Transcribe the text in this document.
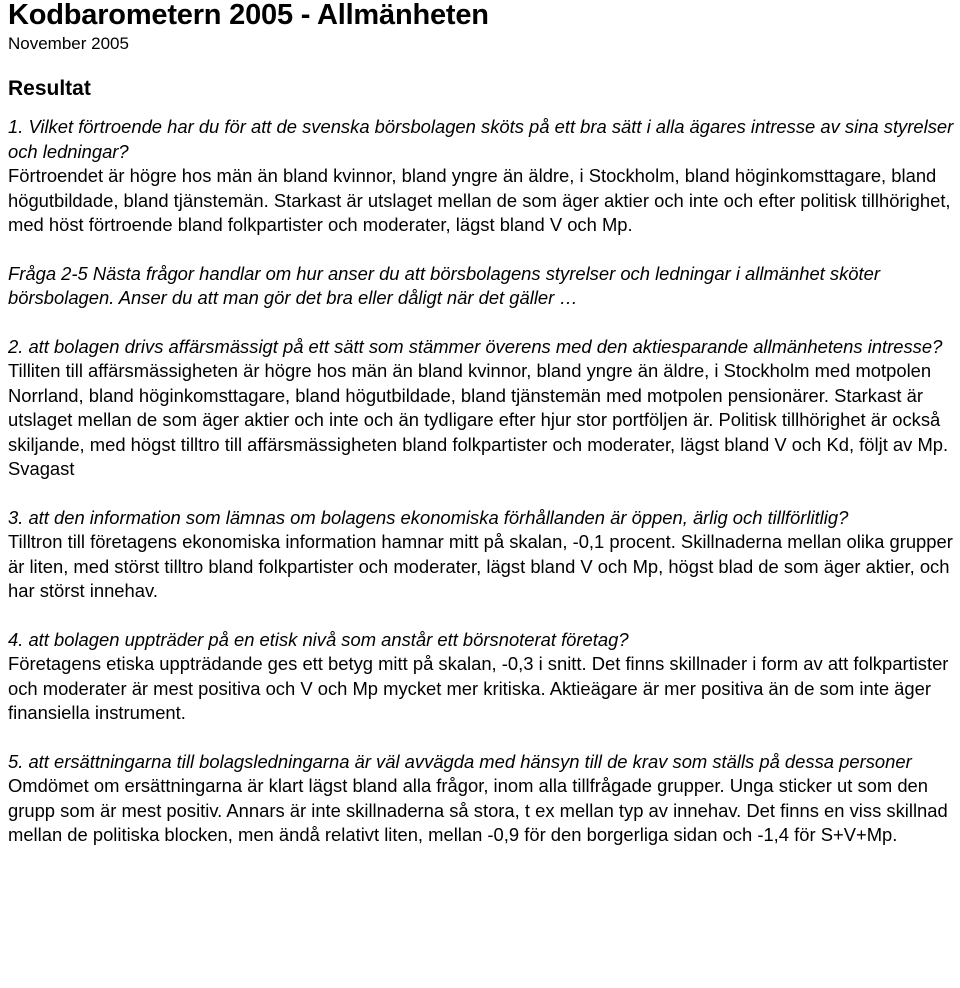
Kodbarometern 2005 - Allmänheten
November 2005
Resultat

1. Vilket förtroende har du för att de svenska börsbolagen sköts på ett bra sätt i alla ägares intresse av sina styrelser och ledningar?

Förtroendet är högre hos män än bland kvinnor, bland yngre än äldre, i Stockholm, bland höginkomsttagare, bland högutbildade, bland tjänstemän. Starkast är utslaget mellan de som äger aktier och inte och efter politisk tillhörighet, med höst förtroende bland folkpartister och moderater, lägst bland V och Mp.

Fråga 2-5 Nästa frågor handlar om hur anser du att börsbolagens styrelser och ledningar i allmänhet sköter börsbolagen. Anser du att man gör det bra eller dåligt när det gäller …

2. att bolagen drivs affärsmässigt på ett sätt som stämmer överens med den aktiesparande allmänhetens intresse?

Tilliten till affärsmässigheten är högre hos män än bland kvinnor, bland yngre än äldre, i Stockholm med motpolen Norrland, bland höginkomsttagare, bland högutbildade, bland tjänstemän med motpolen pensionärer. Starkast är utslaget mellan de som äger aktier och inte och än tydligare efter hjur stor portföljen är. Politisk tillhörighet är också skiljande, med högst tilltro till affärsmässigheten bland folkpartister och moderater, lägst bland V och Kd, följt av Mp. Svagast

3. att den information som lämnas om bolagens ekonomiska förhållanden är öppen, ärlig och tillförlitlig?

Tilltron till företagens ekonomiska information hamnar mitt på skalan, -0,1 procent. Skillnaderna mellan olika grupper är liten, med störst tilltro bland folkpartister och moderater, lägst bland V och Mp, högst blad de som äger aktier, och har störst innehav.

4. att bolagen uppträder på en etisk nivå som anstår ett börsnoterat företag?

Företagens etiska uppträdande ges ett betyg mitt på skalan, -0,3 i snitt. Det finns skillnader i form av att folkpartister och moderater är mest positiva och V och Mp mycket mer kritiska. Aktieägare är mer positiva än de som inte äger finansiella instrument.

5. att ersättningarna till bolagsledningarna är väl avvägda med hänsyn till de krav som ställs på dessa personer

Omdömet om ersättningarna är klart lägst bland alla frågor, inom alla tillfrågade grupper. Unga sticker ut som den grupp som är mest positiv. Annars är inte skillnaderna så stora, t ex mellan typ av innehav. Det finns en viss skillnad mellan de politiska blocken, men ändå relativt liten, mellan -0,9 för den borgerliga sidan och -1,4 för S+V+Mp.
